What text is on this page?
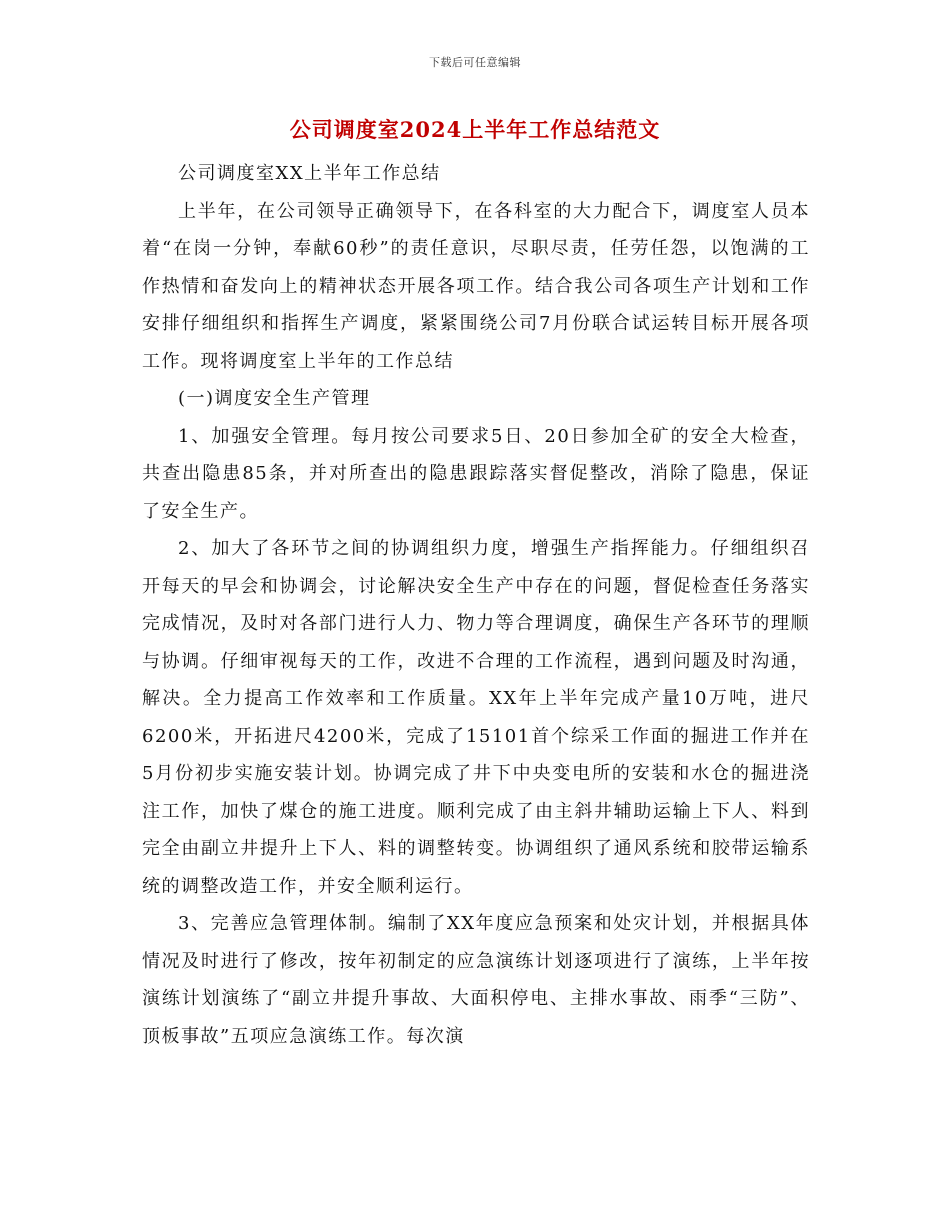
下载后可任意编辑
公司调度室2024上半年工作总结范文

公司调度室XX上半年工作总结

上半年，在公司领导正确领导下，在各科室的大力配合下，调度室人员本着“在岗一分钟，奉献60秒”的责任意识，尽职尽责，任劳任怨，以饱满的工作热情和奋发向上的精神状态开展各项工作。结合我公司各项生产计划和工作安排仔细组织和指挥生产调度，紧紧围绕公司7月份联合试运转目标开展各项工作。现将调度室上半年的工作总结

(一)调度安全生产管理

1、加强安全管理。每月按公司要求5日、20日参加全矿的安全大检查，共查出隐患85条，并对所查出的隐患跟踪落实督促整改，消除了隐患，保证了安全生产。

2、加大了各环节之间的协调组织力度，增强生产指挥能力。仔细组织召开每天的早会和协调会，讨论解决安全生产中存在的问题，督促检查任务落实完成情况，及时对各部门进行人力、物力等合理调度，确保生产各环节的理顺与协调。仔细审视每天的工作，改进不合理的工作流程，遇到问题及时沟通，解决。全力提高工作效率和工作质量。XX年上半年完成产量10万吨，进尺6200米，开拓进尺4200米，完成了15101首个综采工作面的掘进工作并在5月份初步实施安装计划。协调完成了井下中央变电所的安装和水仓的掘进浇注工作，加快了煤仓的施工进度。顺利完成了由主斜井辅助运输上下人、料到完全由副立井提升上下人、料的调整转变。协调组织了通风系统和胶带运输系统的调整改造工作，并安全顺利运行。

3、完善应急管理体制。编制了XX年度应急预案和处灾计划，并根据具体情况及时进行了修改，按年初制定的应急演练计划逐项进行了演练，上半年按演练计划演练了“副立井提升事故、大面积停电、主排水事故、雨季“三防”、顶板事故”五项应急演练工作。每次演
